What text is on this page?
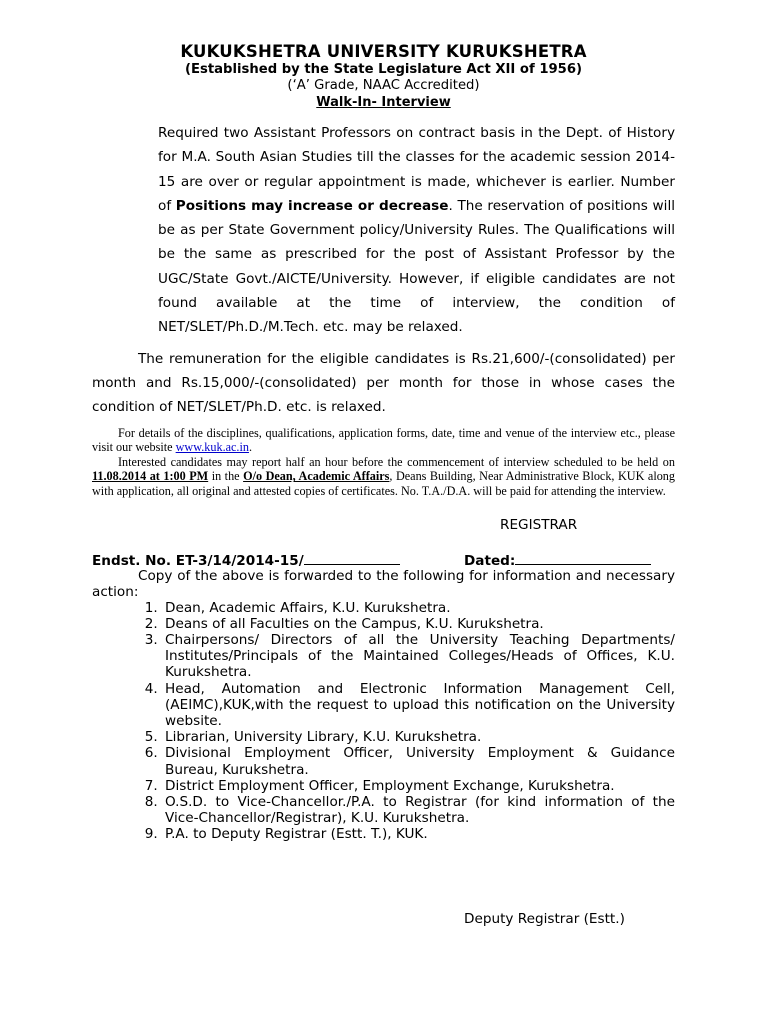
KUKUKSHETRA UNIVERSITY KURUKSHETRA
(Established by the State Legislature Act XII of 1956)
(‘A’ Grade, NAAC Accredited)
Walk-In- Interview
Required two Assistant Professors on contract basis in the Dept. of History for M.A. South Asian Studies till the classes for the academic session 2014-15 are over or regular appointment is made, whichever is earlier. Number of Positions may increase or decrease. The reservation of positions will be as per State Government policy/University Rules. The Qualifications will be the same as prescribed for the post of Assistant Professor by the UGC/State Govt./AICTE/University. However, if eligible candidates are not found available at the time of interview, the condition of NET/SLET/Ph.D./M.Tech. etc. may be relaxed.
The remuneration for the eligible candidates is Rs.21,600/-(consolidated) per month and Rs.15,000/-(consolidated) per month for those in whose cases the condition of NET/SLET/Ph.D. etc. is relaxed.

For details of the disciplines, qualifications, application forms, date, time and venue of the interview etc., please visit our website www.kuk.ac.in.

Interested candidates may report half an hour before the commencement of interview scheduled to be held on 11.08.2014 at 1:00 PM in the O/o Dean, Academic Affairs, Deans Building, Near Administrative Block, KUK along with application, all original and attested copies of certificates. No. T.A./D.A. will be paid for attending the interview.

REGISTRAR
Endst. No. ET-3/14/2014-15/	Dated:

Copy of the above is forwarded to the following for information and necessary action:

1. Dean, Academic Affairs, K.U. Kurukshetra.
2. Deans of all Faculties on the Campus, K.U. Kurukshetra.
3. Chairpersons/ Directors of all the University Teaching Departments/ Institutes/Principals of the Maintained Colleges/Heads of Offices, K.U. Kurukshetra.
4. Head, Automation and Electronic Information Management Cell, (AEIMC),KUK,with the request to upload this notification on the University website.
5. Librarian, University Library, K.U. Kurukshetra.
6. Divisional Employment Officer, University Employment & Guidance Bureau, Kurukshetra.
7. District Employment Officer, Employment Exchange, Kurukshetra.
8. O.S.D. to Vice-Chancellor./P.A. to Registrar (for kind information of the Vice-Chancellor/Registrar), K.U. Kurukshetra.
9. P.A. to Deputy Registrar (Estt. T.), KUK.
Deputy Registrar (Estt.)
